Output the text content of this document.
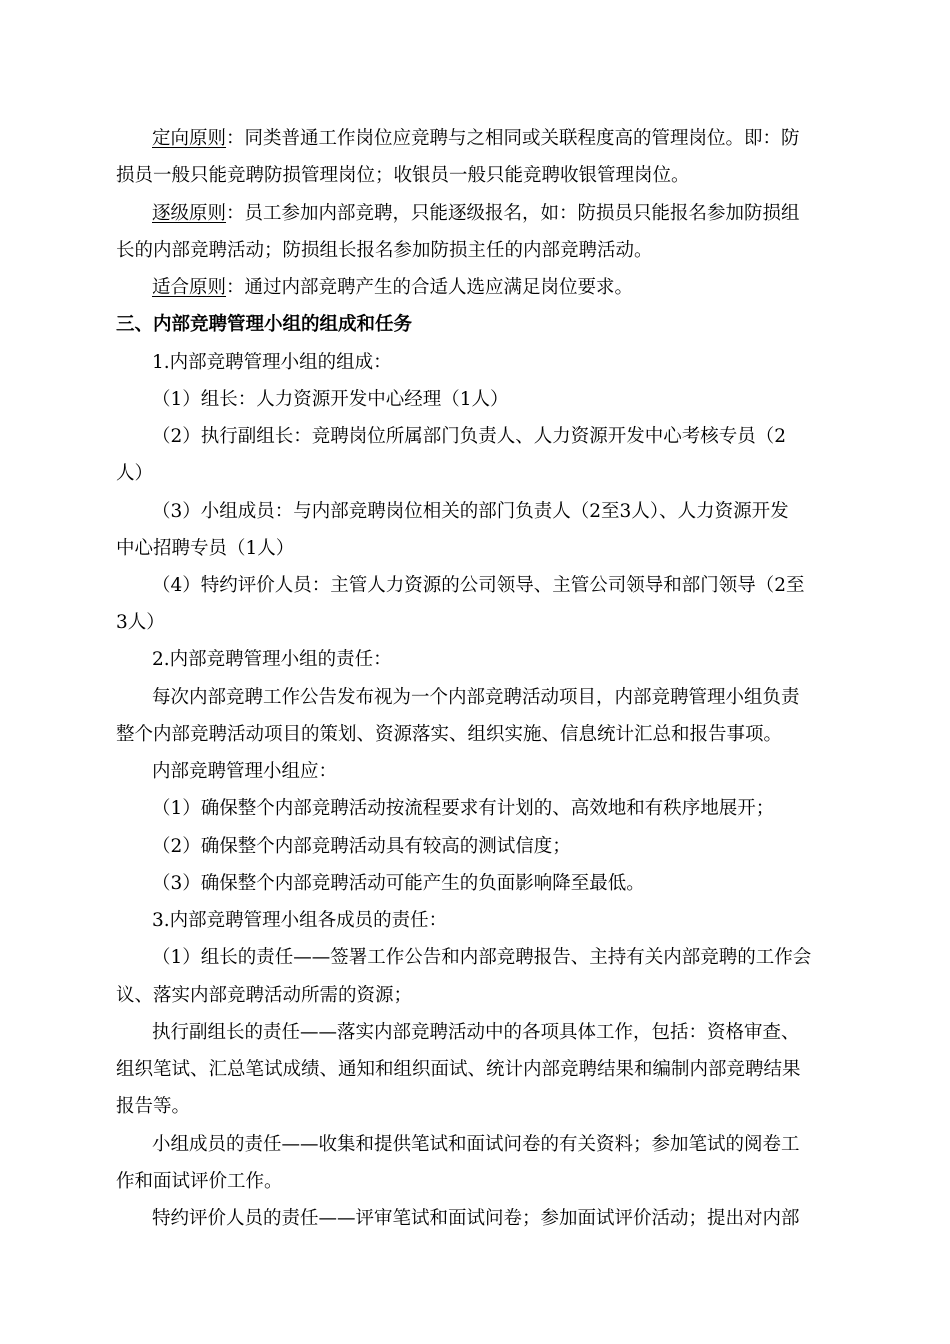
定向原则：同类普通工作岗位应竞聘与之相同或关联程度高的管理岗位。即：防
损员一般只能竞聘防损管理岗位；收银员一般只能竞聘收银管理岗位。
逐级原则：员工参加内部竞聘，只能逐级报名，如：防损员只能报名参加防损组
长的内部竞聘活动；防损组长报名参加防损主任的内部竞聘活动。
适合原则：通过内部竞聘产生的合适人选应满足岗位要求。
三、内部竞聘管理小组的组成和任务
1.内部竞聘管理小组的组成：
（1）组长：人力资源开发中心经理（1人）
（2）执行副组长：竞聘岗位所属部门负责人、人力资源开发中心考核专员（2
人）
（3）小组成员：与内部竞聘岗位相关的部门负责人（2至3人）、人力资源开发
中心招聘专员（1人）
（4）特约评价人员：主管人力资源的公司领导、主管公司领导和部门领导（2至
3人）
2.内部竞聘管理小组的责任：
每次内部竞聘工作公告发布视为一个内部竞聘活动项目，内部竞聘管理小组负责
整个内部竞聘活动项目的策划、资源落实、组织实施、信息统计汇总和报告事项。
内部竞聘管理小组应：
（1）确保整个内部竞聘活动按流程要求有计划的、高效地和有秩序地展开；
（2）确保整个内部竞聘活动具有较高的测试信度；
（3）确保整个内部竞聘活动可能产生的负面影响降至最低。
3.内部竞聘管理小组各成员的责任：
（1）组长的责任——签署工作公告和内部竞聘报告、主持有关内部竞聘的工作会
议、落实内部竞聘活动所需的资源；
执行副组长的责任——落实内部竞聘活动中的各项具体工作，包括：资格审查、
组织笔试、汇总笔试成绩、通知和组织面试、统计内部竞聘结果和编制内部竞聘结果
报告等。
小组成员的责任——收集和提供笔试和面试问卷的有关资料；参加笔试的阅卷工
作和面试评价工作。
特约评价人员的责任——评审笔试和面试问卷；参加面试评价活动；提出对内部
